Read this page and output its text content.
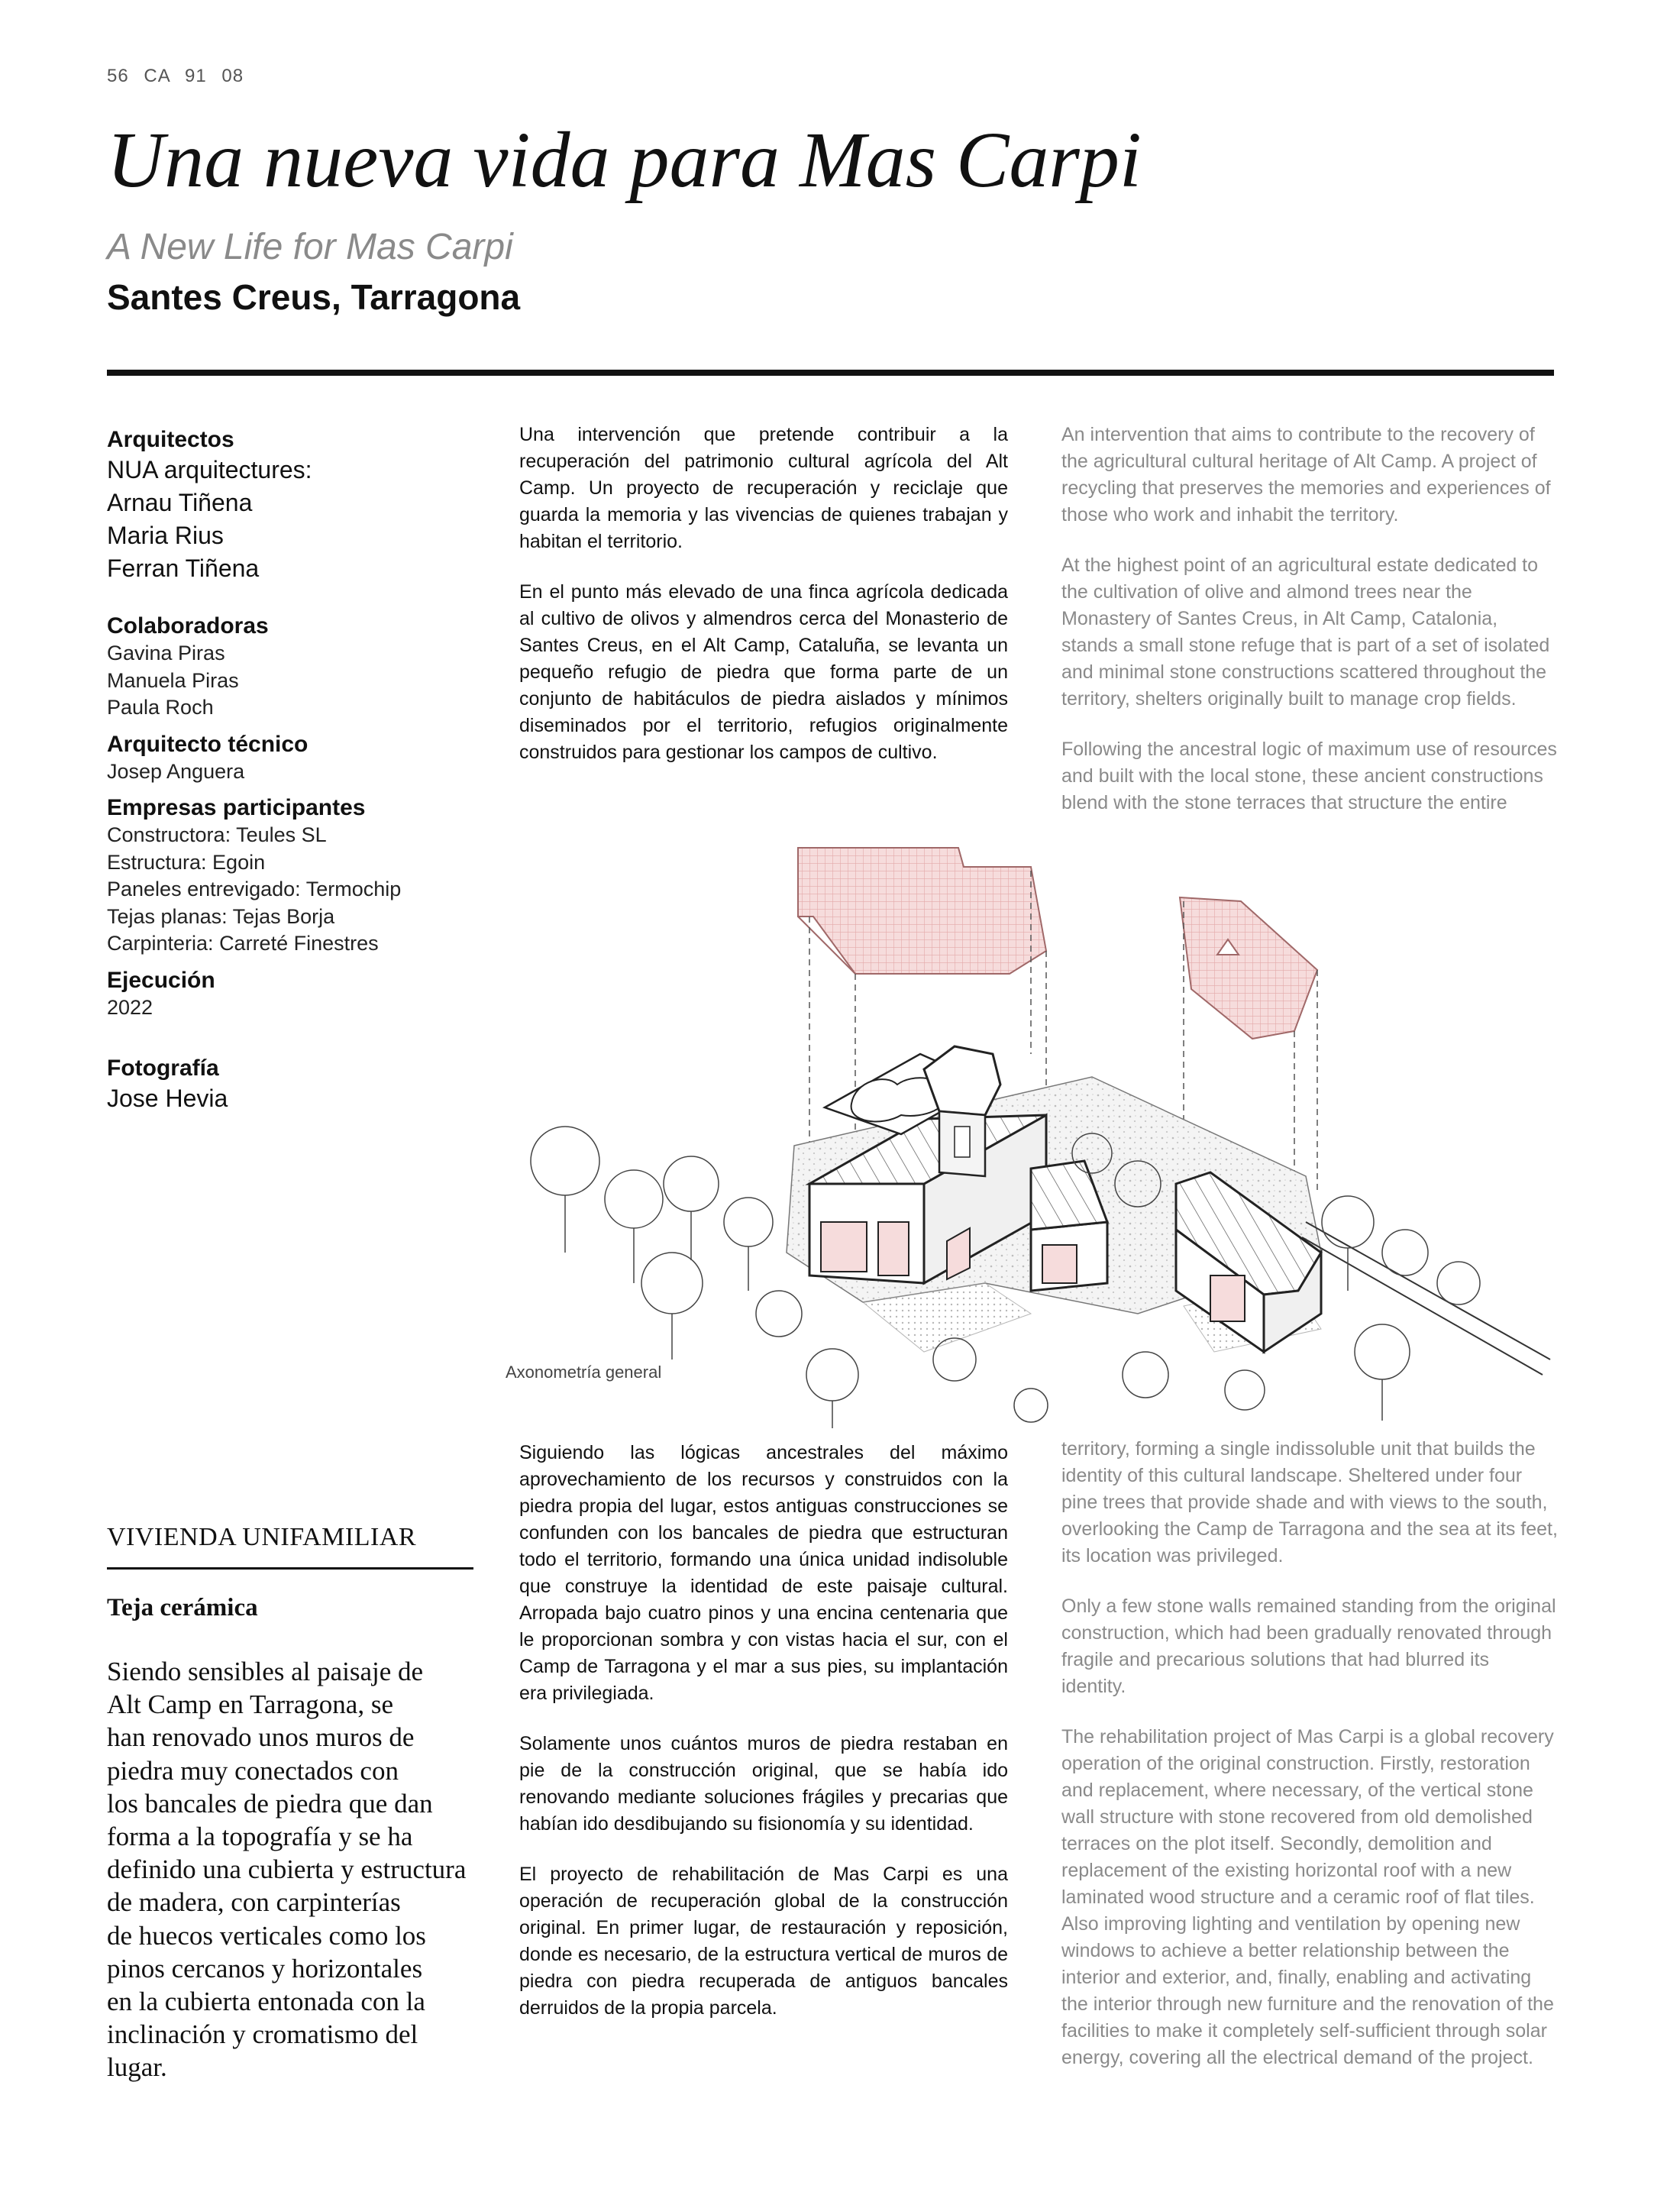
56 CA 91 08
Una nueva vida para Mas Carpi
A New Life for Mas Carpi
Santes Creus, Tarragona
Arquitectos
NUA arquitectures:
Arnau Tiñena
Maria Rius
Ferran Tiñena
Colaboradoras
Gavina Piras
Manuela Piras
Paula Roch
Arquitecto técnico
Josep Anguera
Empresas participantes
Constructora: Teules SL
Estructura: Egoin
Paneles entrevigado: Termochip
Tejas planas: Tejas Borja
Carpinteria: Carreté Finestres
Ejecución
2022
Fotografía
Jose Hevia

Una intervención que pretende contribuir a la recuperación del patrimonio cultural agrícola del Alt Camp. Un proyecto de recuperación y reciclaje que guarda la memoria y las vivencias de quienes trabajan y habitan el territorio.

En el punto más elevado de una finca agrícola dedicada al cultivo de olivos y almendros cerca del Monasterio de Santes Creus, en el Alt Camp, Cataluña, se levanta un pequeño refugio de piedra que forma parte de un conjunto de habitáculos de piedra aislados y mínimos diseminados por el territorio, refugios originalmente construidos para gestionar los campos de cultivo.

An intervention that aims to contribute to the recovery of the agricultural cultural heritage of Alt Camp. A project of recycling that preserves the memories and experiences of those who work and inhabit the territory.

At the highest point of an agricultural estate dedicated to the cultivation of olive and almond trees near the Monastery of Santes Creus, in Alt Camp, Catalonia, stands a small stone refuge that is part of a set of isolated and minimal stone constructions scattered throughout the territory, shelters originally built to manage crop fields.

Following the ancestral logic of maximum use of resources and built with the local stone, these ancient constructions blend with the stone terraces that structure the entire

Axonometría general
VIVIENDA UNIFAMILIAR
Teja cerámica
Siendo sensibles al paisaje de
Alt Camp en Tarragona, se
han renovado unos muros de
piedra muy conectados con
los bancales de piedra que dan
forma a la topografía y se ha
definido una cubierta y estructura
de madera, con carpinterías
de huecos verticales como los
pinos cercanos y horizontales
en la cubierta entonada con la
inclinación y cromatismo del
lugar.

Siguiendo las lógicas ancestrales del máximo aprovechamiento de los recursos y construidos con la piedra propia del lugar, estos antiguas construcciones se confunden con los bancales de piedra que estructuran todo el territorio, formando una única unidad indisoluble que construye la identidad de este paisaje cultural. Arropada bajo cuatro pinos y una encina centenaria que le proporcionan sombra y con vistas hacia el sur, con el Camp de Tarragona y el mar a sus pies, su implantación era privilegiada.

Solamente unos cuántos muros de piedra restaban en pie de la construcción original, que se había ido renovando mediante soluciones frágiles y precarias que habían ido desdibujando su fisionomía y su identidad.

El proyecto de rehabilitación de Mas Carpi es una operación de recuperación global de la construcción original. En primer lugar, de restauración y reposición, donde es necesario, de la estructura vertical de muros de piedra con piedra recuperada de antiguos bancales derruidos de la propia parcela.

territory, forming a single indissoluble unit that builds the identity of this cultural landscape. Sheltered under four pine trees that provide shade and with views to the south, overlooking the Camp de Tarragona and the sea at its feet, its location was privileged.

Only a few stone walls remained standing from the original construction, which had been gradually renovated through fragile and precarious solutions that had blurred its identity.

The rehabilitation project of Mas Carpi is a global recovery operation of the original construction. Firstly, restoration and replacement, where necessary, of the vertical stone wall structure with stone recovered from old demolished terraces on the plot itself. Secondly, demolition and replacement of the existing horizontal roof with a new laminated wood structure and a ceramic roof of flat tiles. Also improving lighting and ventilation by opening new windows to achieve a better relationship between the interior and exterior, and, finally, enabling and activating the interior through new furniture and the renovation of the facilities to make it completely self-sufficient through solar energy, covering all the electrical demand of the project.
